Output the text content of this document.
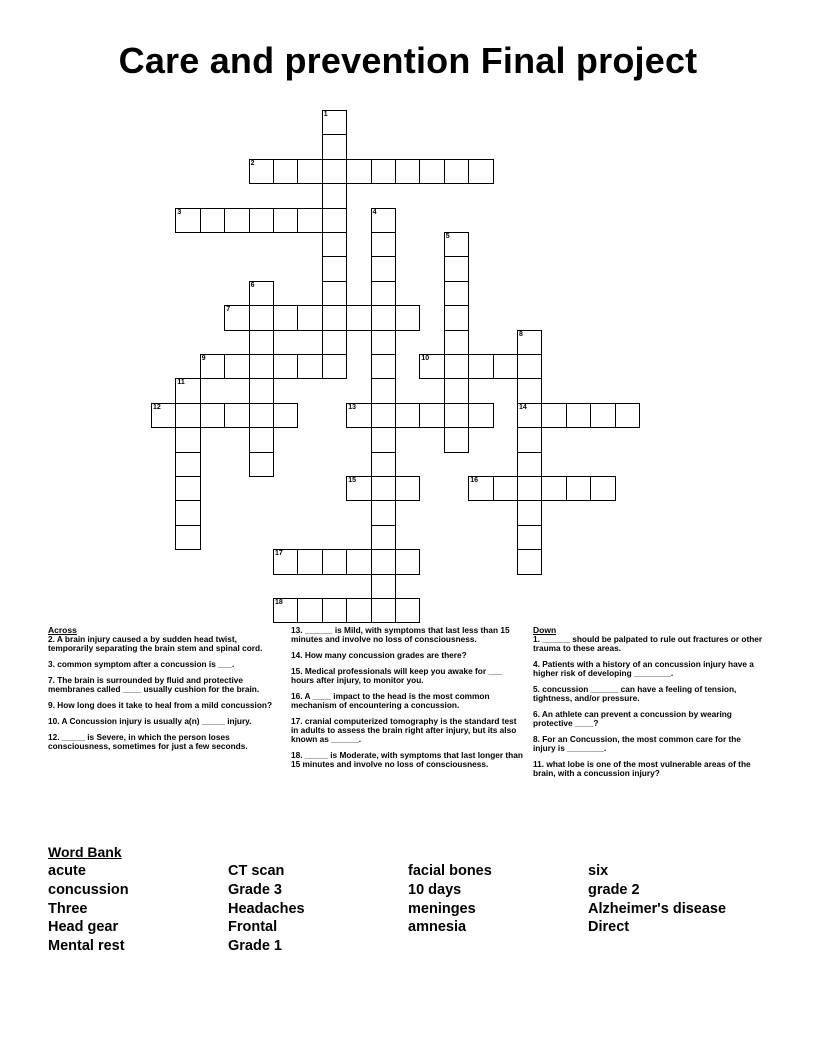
Care and prevention Final project
1
2
3	4
5
6
7
8
14
9	10
11
12	13
15	16
17
18
Across
2. A brain injury caused a by sudden head twist, temporarily separating the brain stem and spinal cord.
3. common symptom after a concussion is ___.
7. The brain is surrounded by fluid and protective membranes called ____ usually cushion for the brain.
9. How long does it take to heal from a mild concussion?
10. A Concussion injury is usually a(n) _____ injury.
12. _____ is Severe, in which the person loses consciousness, sometimes for just a few seconds.
13. ______ is Mild, with symptoms that last less than 15 minutes and involve no loss of consciousness.
14. How many concussion grades are there?
15. Medical professionals will keep you awake for ___ hours after injury, to monitor you.
16. A ____ impact to the head is the most common mechanism of encountering a concussion.
17. cranial computerized tomography is the standard test in adults to assess the brain right after injury, but its also known as ______.
18. _____ is Moderate, with symptoms that last longer than 15 minutes and involve no loss of consciousness.
Down
1. ______ should be palpated to rule out fractures or other trauma to these areas.
4. Patients with a history of an concussion injury have a higher risk of developing ________.
5. concussion ______ can have a feeling of tension, tightness, and/or pressure.
6. An athlete can prevent a concussion by wearing protective ____?
8. For an Concussion, the most common care for the injury is ________.
11. what lobe is one of the most vulnerable areas of the brain, with a concussion injury?
Word Bank
acute
concussion
Three
Head gear
Mental rest
CT scan
Grade 3
Headaches
Frontal
Grade 1
facial bones
10 days
meninges
amnesia
six
grade 2
Alzheimer's disease
Direct
